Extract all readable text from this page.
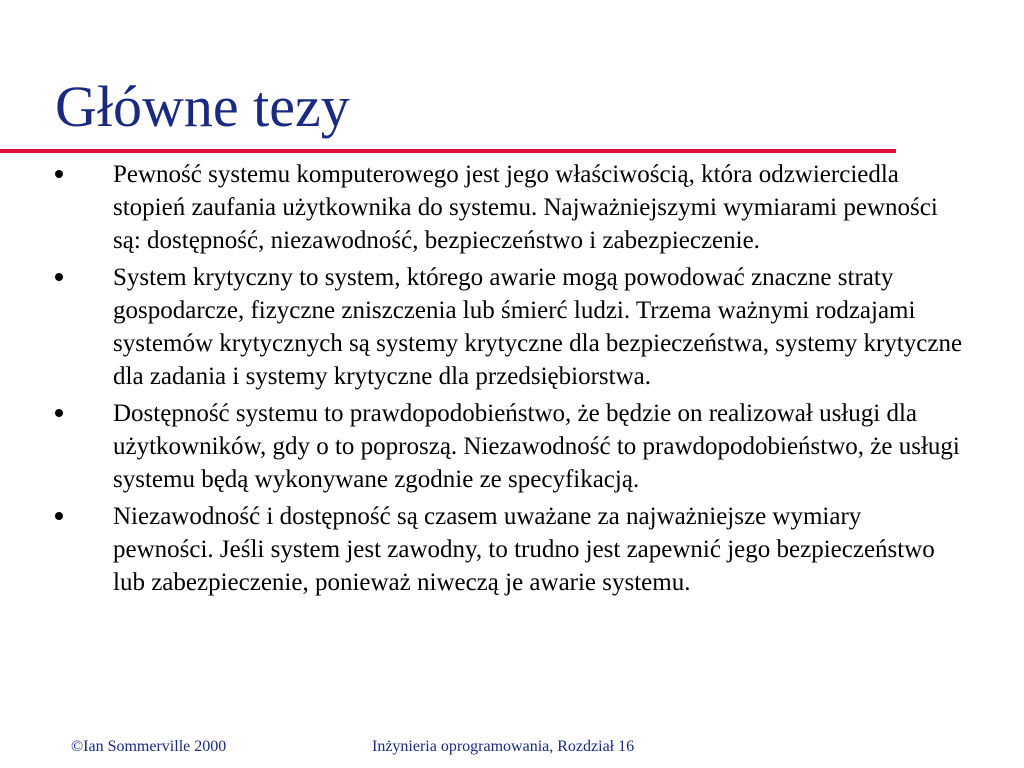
Główne tezy
Pewność systemu komputerowego jest jego właściwością, która odzwierciedla stopień zaufania użytkownika do systemu. Najważniejszymi wymiarami pewności są: dostępność, niezawodność, bezpieczeństwo i zabezpieczenie.
System krytyczny to system, którego awarie mogą powodować znaczne straty gospodarcze, fizyczne zniszczenia lub śmierć ludzi. Trzema ważnymi rodzajami systemów krytycznych są systemy krytyczne dla bezpieczeństwa, systemy krytyczne dla zadania i systemy krytyczne dla przedsiębiorstwa.
Dostępność systemu to prawdopodobieństwo, że będzie on realizował usługi dla użytkowników, gdy o to poproszą. Niezawodność to prawdopodobieństwo, że usługi systemu będą wykonywane zgodnie ze specyfikacją.
Niezawodność i dostępność są czasem uważane za najważniejsze wymiary pewności. Jeśli system jest zawodny, to trudno jest zapewnić jego bezpieczeństwo lub zabezpieczenie, ponieważ niweczą je awarie systemu.
©Ian Sommerville 2000	Inżynieria oprogramowania, Rozdział 16
